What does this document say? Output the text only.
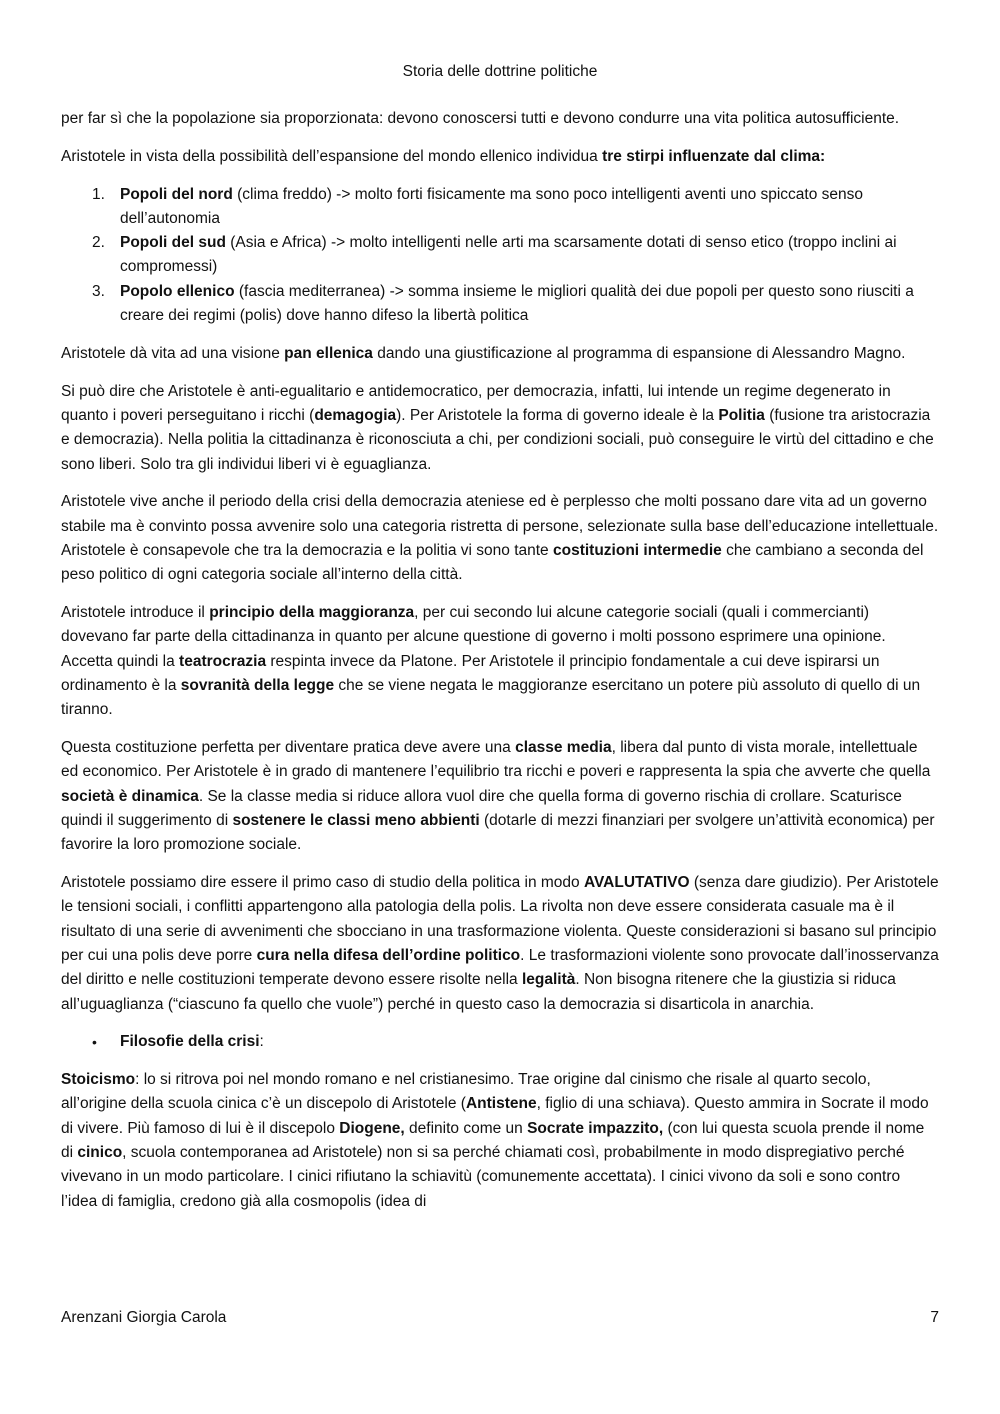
Storia delle dottrine politiche

per far sì che la popolazione sia proporzionata: devono conoscersi tutti e devono condurre una vita politica autosufficiente.

Aristotele in vista della possibilità dell’espansione del mondo ellenico individua tre stirpi influenzate dal clima:

1. Popoli del nord (clima freddo) -> molto forti fisicamente ma sono poco intelligenti aventi uno spiccato senso dell’autonomia
2. Popoli del sud (Asia e Africa) -> molto intelligenti nelle arti ma scarsamente dotati di senso etico (troppo inclini ai compromessi)
3. Popolo ellenico (fascia mediterranea) -> somma insieme le migliori qualità dei due popoli per questo sono riusciti a creare dei regimi (polis) dove hanno difeso la libertà politica

Aristotele dà vita ad una visione pan ellenica dando una giustificazione al programma di espansione di Alessandro Magno.

Si può dire che Aristotele è anti-egualitario e antidemocratico, per democrazia, infatti, lui intende un regime degenerato in quanto i poveri perseguitano i ricchi (demagogia). Per Aristotele la forma di governo ideale è la Politia (fusione tra aristocrazia e democrazia). Nella politia la cittadinanza è riconosciuta a chi, per condizioni sociali, può conseguire le virtù del cittadino e che sono liberi. Solo tra gli individui liberi vi è eguaglianza.

Aristotele vive anche il periodo della crisi della democrazia ateniese ed è perplesso che molti possano dare vita ad un governo stabile ma è convinto possa avvenire solo una categoria ristretta di persone, selezionate sulla base dell’educazione intellettuale. Aristotele è consapevole che tra la democrazia e la politia vi sono tante costituzioni intermedie che cambiano a seconda del peso politico di ogni categoria sociale all’interno della città.

Aristotele introduce il principio della maggioranza, per cui secondo lui alcune categorie sociali (quali i commercianti) dovevano far parte della cittadinanza in quanto per alcune questione di governo i molti possono esprimere una opinione. Accetta quindi la teatrocrazia respinta invece da Platone. Per Aristotele il principio fondamentale a cui deve ispirarsi un ordinamento è la sovranità della legge che se viene negata le maggioranze esercitano un potere più assoluto di quello di un tiranno.

Questa costituzione perfetta per diventare pratica deve avere una classe media, libera dal punto di vista morale, intellettuale ed economico. Per Aristotele è in grado di mantenere l’equilibrio tra ricchi e poveri e rappresenta la spia che avverte che quella società è dinamica. Se la classe media si riduce allora vuol dire che quella forma di governo rischia di crollare. Scaturisce quindi il suggerimento di sostenere le classi meno abbienti (dotarle di mezzi finanziari per svolgere un’attività economica) per favorire la loro promozione sociale.

Aristotele possiamo dire essere il primo caso di studio della politica in modo AVALUTATIVO (senza dare giudizio). Per Aristotele le tensioni sociali, i conflitti appartengono alla patologia della polis. La rivolta non deve essere considerata casuale ma è il risultato di una serie di avvenimenti che sbocciano in una trasformazione violenta. Queste considerazioni si basano sul principio per cui una polis deve porre cura nella difesa dell’ordine politico. Le trasformazioni violente sono provocate dall’inosservanza del diritto e nelle costituzioni temperate devono essere risolte nella legalità. Non bisogna ritenere che la giustizia si riduca all’uguaglianza (“ciascuno fa quello che vuole”) perché in questo caso la democrazia si disarticola in anarchia.

• Filosofie della crisi:

Stoicismo: lo si ritrova poi nel mondo romano e nel cristianesimo. Trae origine dal cinismo che risale al quarto secolo, all’origine della scuola cinica c’è un discepolo di Aristotele (Antistene, figlio di una schiava). Questo ammira in Socrate il modo di vivere. Più famoso di lui è il discepolo Diogene, definito come un Socrate impazzito, (con lui questa scuola prende il nome di cinico, scuola contemporanea ad Aristotele) non si sa perché chiamati così, probabilmente in modo dispregiativo perché vivevano in un modo particolare. I cinici rifiutano la schiavitù (comunemente accettata). I cinici vivono da soli e sono contro l’idea di famiglia, credono già alla cosmopolis (idea di

Arenzani Giorgia Carola	7
